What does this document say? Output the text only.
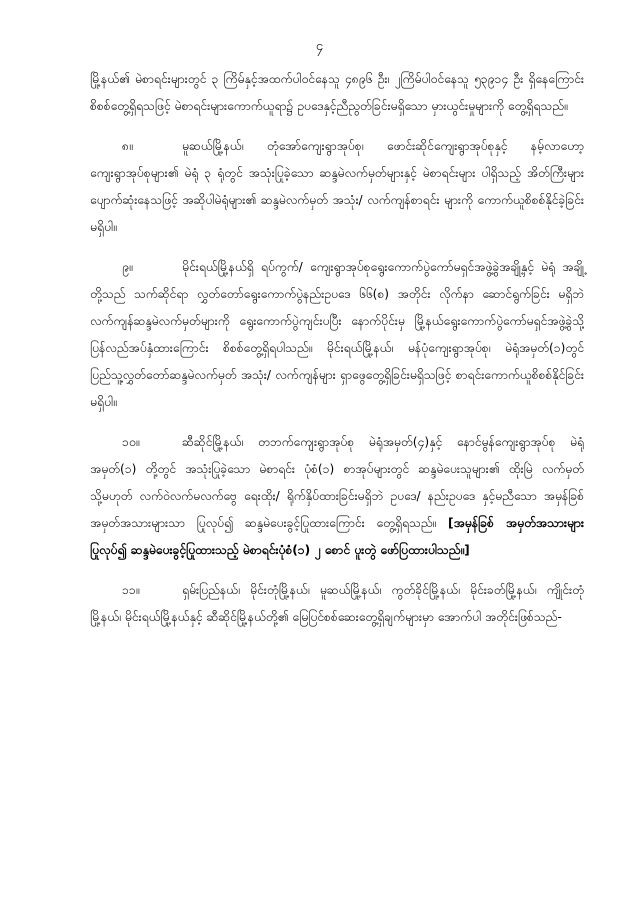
၄

မြို့နယ်၏ မဲစာရင်းများတွင် ၃ ကြိမ်နှင့်အထက်ပါဝင်နေသူ ၄၈၉၆ ဦး၊ ၂ကြိမ်ပါဝင်နေသူ ၅၃၉၁၄ ဦး ရှိနေကြောင်း စိစစ်တွေ့ရှိရသဖြင့် မဲစာရင်းများကောက်ယူရာ၌ ဥပဒေနှင့်ညီညွတ်ခြင်းမရှိသော မှားယွင်းမှုများကို တွေ့ရှိရသည်။

၈။	မူဆယ်မြို့နယ်၊ တုံအော်ကျေးရွာအုပ်စု၊ ဖောင်းဆိုင်ကျေးရွာအုပ်စုနှင့် နမ့်လာဟော့ ကျေးရွာအုပ်စုများ၏ မဲရုံ ၃ ရုံတွင် အသုံးပြုခဲ့သော ဆန္ဒမဲလက်မှတ်များနှင့် မဲစာရင်းများ ပါရှိသည့် အိတ်ကြီးများ ပျောက်ဆုံးနေသဖြင့် အဆိုပါမဲရုံများ၏ ဆန္ဒမဲလက်မှတ် အသုံး/ လက်ကျန်စာရင်း များကို ကောက်ယူစိစစ်နိုင်ခဲ့ခြင်း မရှိပါ။

၉။	မိုင်းရယ်မြို့နယ်ရှိ ရပ်ကွက်/ ကျေးရွာအုပ်စုရွေးကောက်ပွဲကော်မရှင်အဖွဲ့ခွဲအချို့နှင့် မဲရုံ အချို့တို့သည် သက်ဆိုင်ရာ လွှတ်တော်ရွေးကောက်ပွဲနည်းဥပဒေ ၆၆(စ) အတိုင်း လိုက်နာ ဆောင်ရွက်ခြင်း မရှိဘဲ လက်ကျန်ဆန္ဒမဲလက်မှတ်များကို ရွေးကောက်ပွဲကျင်းပပြီး နောက်ပိုင်းမှ မြို့နယ်ရွေးကောက်ပွဲကော်မရှင်အဖွဲ့ခွဲသို့ ပြန်လည်အပ်နှံထားကြောင်း စိစစ်တွေ့ရှိရပါသည်။ မိုင်းရယ်မြို့နယ်၊ မန်ပုံကျေးရွာအုပ်စု၊ မဲရုံအမှတ်(၁)တွင် ပြည်သူ့လွှတ်တော်ဆန္ဒမဲလက်မှတ် အသုံး/ လက်ကျန်များ ရှာဖွေတွေ့ရှိခြင်းမရှိသဖြင့် စာရင်းကောက်ယူစိစစ်နိုင်ခြင်း မရှိပါ။

၁၀။	ဆီဆိုင်မြို့နယ်၊ တဘက်ကျေးရွာအုပ်စု မဲရုံအမှတ်(၄)နှင့် နောင်မွန်ကျေးရွာအုပ်စု မဲရုံ အမှတ်(၁) တို့တွင် အသုံးပြုခဲ့သော မဲစာရင်း ပုံစံ(၁) စာအုပ်များတွင် ဆန္ဒမဲပေးသူများ၏ ထိုးမြဲ လက်မှတ် သို့မဟုတ် လက်ဝဲလက်မလက်ဗွေ ရေးထိုး/ ရိုက်နှိပ်ထားခြင်းမရှိဘဲ ဥပဒေ/ နည်းဥပဒေ နှင့်မညီသော အမှန်ခြစ်အမှတ်အသားများသာ ပြုလုပ်၍ ဆန္ဒမဲပေးခွင့်ပြုထားကြောင်း တွေ့ရှိရသည်။ [အမှန်ခြစ် အမှတ်အသားများ ပြုလုပ်၍ ဆန္ဒမဲပေးခွင့်ပြုထားသည့် မဲစာရင်းပုံစံ(၁) ၂ စောင် ပူးတွဲ ဖော်ပြထားပါသည်။]

၁၁။	ရှမ်းပြည်နယ်၊ မိုင်းတုံမြို့နယ်၊ မူဆယ်မြို့နယ်၊ ကွတ်ခိုင်မြို့နယ်၊ မိုင်းခတ်မြို့နယ်၊ ကျိုင်းတုံ မြို့နယ်၊ မိုင်းရယ်မြို့နယ်နှင့် ဆီဆိုင်မြို့နယ်တို့၏ မြေပြင်စစ်ဆေးတွေ့ရှိချက်များမှာ အောက်ပါ အတိုင်းဖြစ်သည်-
